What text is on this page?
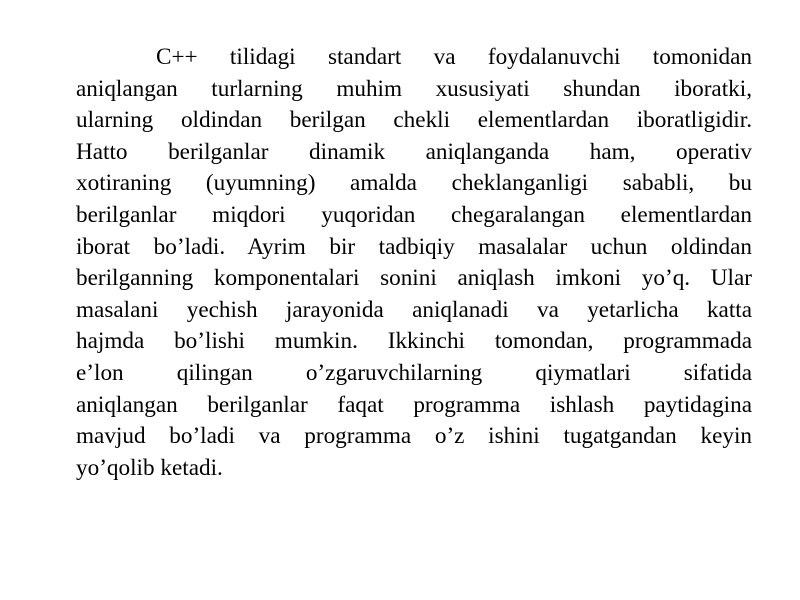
C++ tilidagi standart va foydalanuvchi tomonidan
aniqlangan turlarning muhim xususiyati shundan iboratki,
ularning oldindan berilgan chekli elementlardan iboratligidir.
Hatto berilganlar dinamik aniqlanganda ham, operativ
xotiraning (uyumning) amalda cheklanganligi sababli, bu
berilganlar miqdori yuqoridan chegaralangan elementlardan
iborat bo’ladi. Ayrim bir tadbiqiy masalalar uchun oldindan
berilganning komponentalari sonini aniqlash imkoni yo’q. Ular
masalani yechish jarayonida aniqlanadi va yetarlicha katta
hajmda bo’lishi mumkin. Ikkinchi tomondan, programmada
e’lon qilingan o’zgaruvchilarning qiymatlari sifatida
aniqlangan berilganlar faqat programma ishlash paytidagina
mavjud bo’ladi va programma o’z ishini tugatgandan keyin
yo’qolib ketadi.
